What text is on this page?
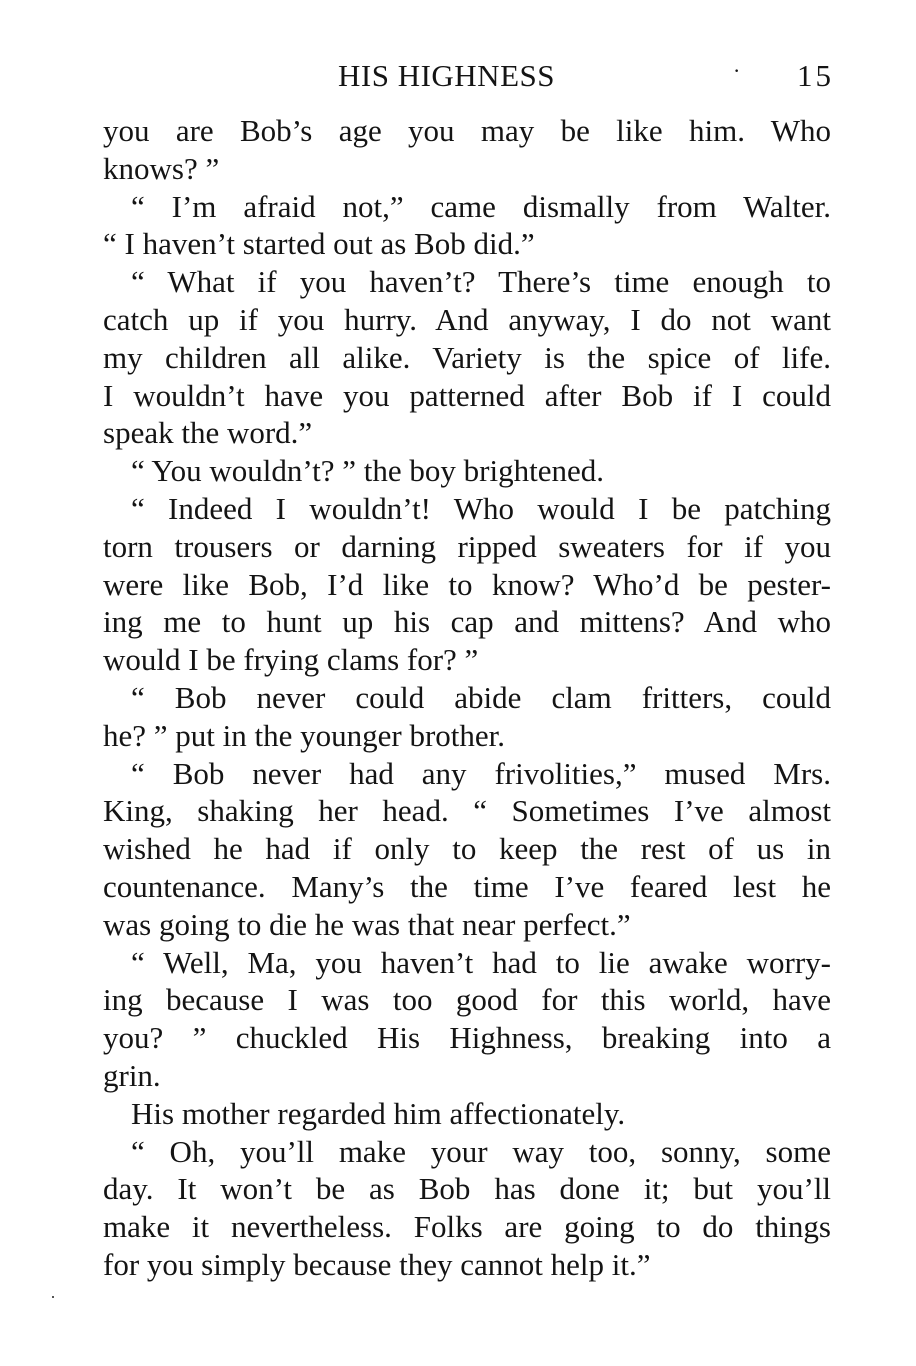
HIS HIGHNESS	· 15
you are Bob’s age you may be like him. Who
knows? ”
“ I’m afraid not,” came dismally from Walter.
“ I haven’t started out as Bob did.”
“ What if you haven’t? There’s time enough to
catch up if you hurry. And anyway, I do not want
my children all alike. Variety is the spice of life.
I wouldn’t have you patterned after Bob if I could
speak the word.”
“ You wouldn’t? ” the boy brightened.
“ Indeed I wouldn’t! Who would I be patching
torn trousers or darning ripped sweaters for if you
were like Bob, I’d like to know? Who’d be pester-
ing me to hunt up his cap and mittens? And who
would I be frying clams for? ”
“ Bob never could abide clam fritters, could
he? ” put in the younger brother.
“ Bob never had any frivolities,” mused Mrs.
King, shaking her head. “ Sometimes I’ve almost
wished he had if only to keep the rest of us in
countenance. Many’s the time I’ve feared lest he
was going to die he was that near perfect.”
“ Well, Ma, you haven’t had to lie awake worry-
ing because I was too good for this world, have
you? ” chuckled His Highness, breaking into a
grin.
His mother regarded him affectionately.
“ Oh, you’ll make your way too, sonny, some
day. It won’t be as Bob has done it; but you’ll
make it nevertheless. Folks are going to do things
for you simply because they cannot help it.”
